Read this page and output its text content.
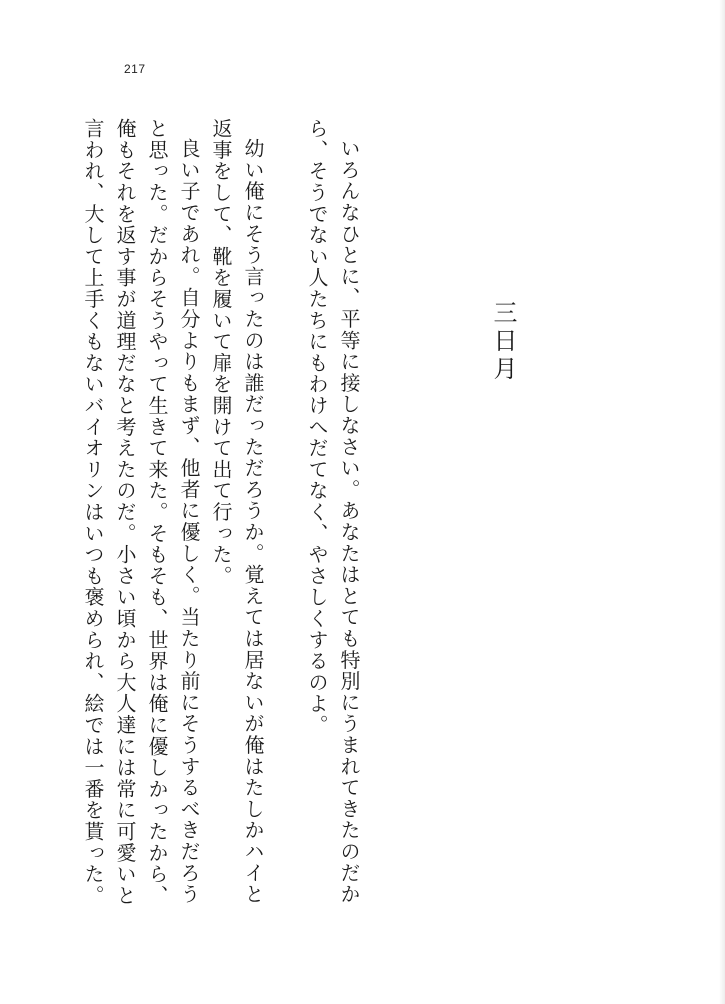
217
三日月

いろんなひとに、平等に接しなさい。あなたはとても特別にうまれてきたのだから、そうでない人たちにもわけへだてなく、やさしくするのよ。

幼い俺にそう言ったのは誰だっただろうか。覚えては居ないが俺はたしかハイと返事をして、靴を履いて扉を開けて出て行った。

良い子であれ。自分よりもまず、他者に優しく。当たり前にそうするべきだろうと思った。だからそうやって生きて来た。そもそも、世界は俺に優しかったから、俺もそれを返す事が道理だなと考えたのだ。小さい頃から大人達には常に可愛いと言われ、大して上手くもないバイオリンはいつも褒められ、絵では一番を貰った。
